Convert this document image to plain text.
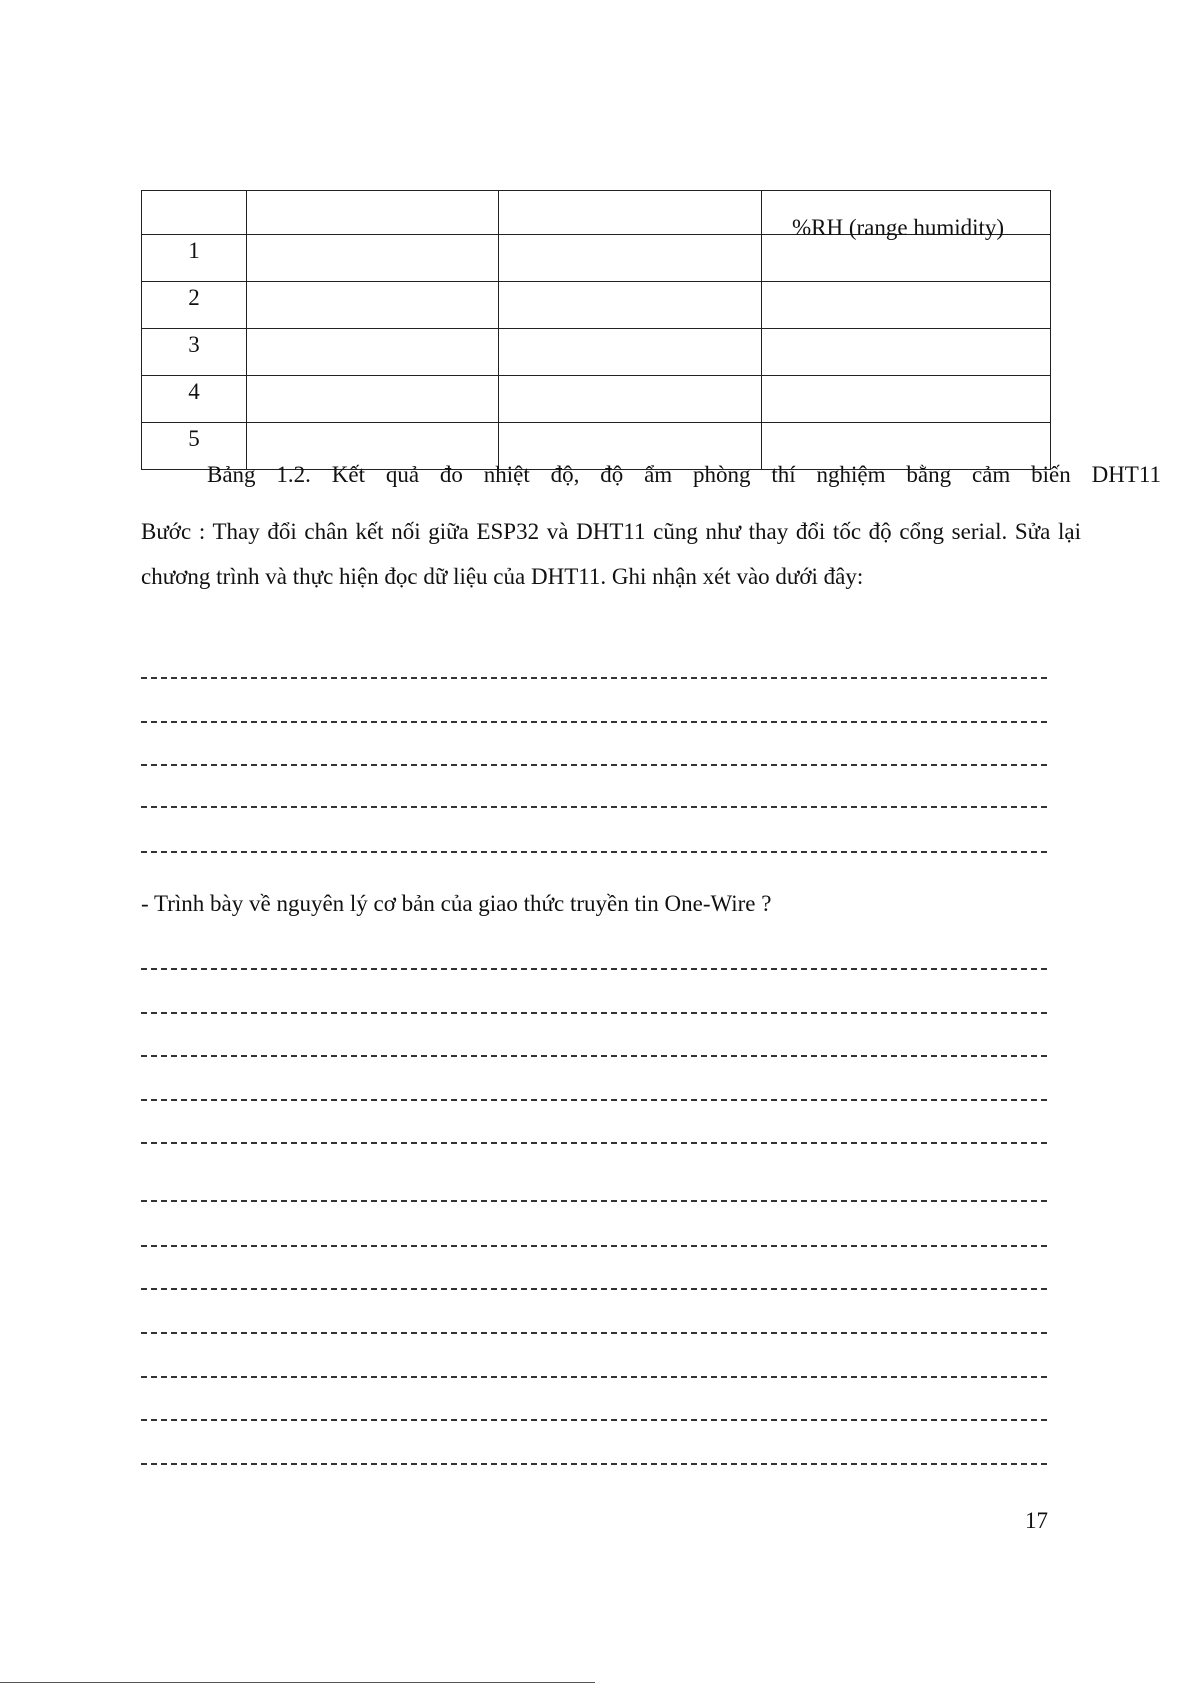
			%RH (range humidity)

1			
2			
3			
4			
5			
Bảng 1.2. Kết quả đo nhiệt độ, độ ẩm phòng thí nghiệm bằng cảm biến DHT11

Bước : Thay đổi chân kết nối giữa ESP32 và DHT11 cũng như thay đổi tốc độ cổng serial. Sửa lại chương trình và thực hiện đọc dữ liệu của DHT11. Ghi nhận xét vào dưới đây:

- Trình bày về nguyên lý cơ bản của giao thức truyền tin One-Wire ?
17
